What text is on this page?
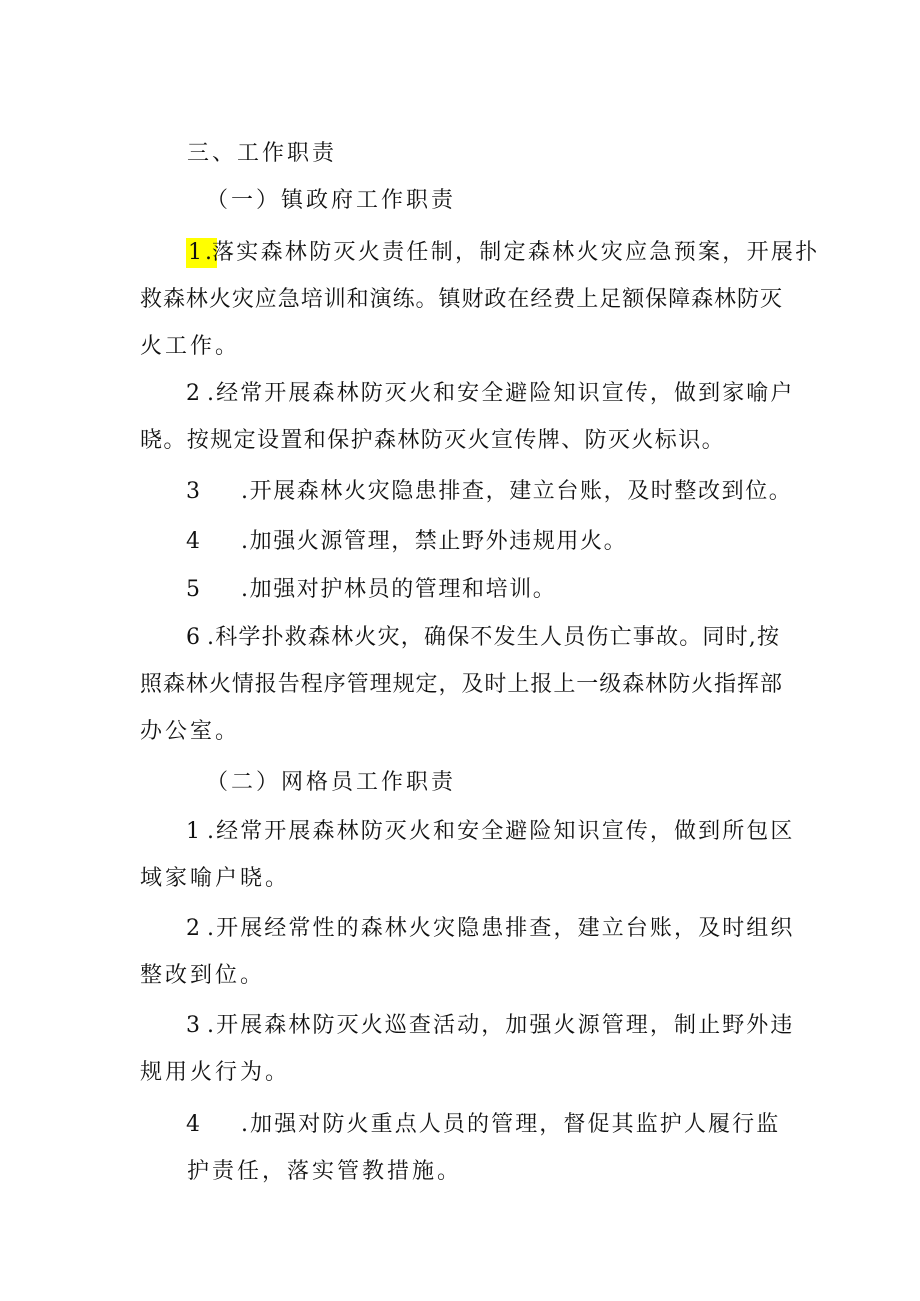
三、工作职责
（一）镇政府工作职责
1.
落实森林防灭火责任制，制定森林火灾应急预案，开展扑
救森林火灾应急培训和演练。镇财政在经费上足额保障森林防灭
火工作。
2 .经常开展森林防灭火和安全避险知识宣传，做到家喻户
晓。按规定设置和保护森林防灭火宣传牌、防灭火标识。
3 .开展森林火灾隐患排查，建立台账，及时整改到位。
4 .加强火源管理，禁止野外违规用火。
5 .加强对护林员的管理和培训。
6 .科学扑救森林火灾，确保不发生人员伤亡事故。同时,按
照森林火情报告程序管理规定，及时上报上一级森林防火指挥部
办公室。
（二）网格员工作职责
1 .经常开展森林防灭火和安全避险知识宣传，做到所包区
域家喻户晓。
2 .开展经常性的森林火灾隐患排查，建立台账，及时组织
整改到位。
3 .开展森林防灭火巡查活动，加强火源管理，制止野外违
规用火行为。
4 .加强对防火重点人员的管理，督促其监护人履行监
护责任，落实管教措施。
